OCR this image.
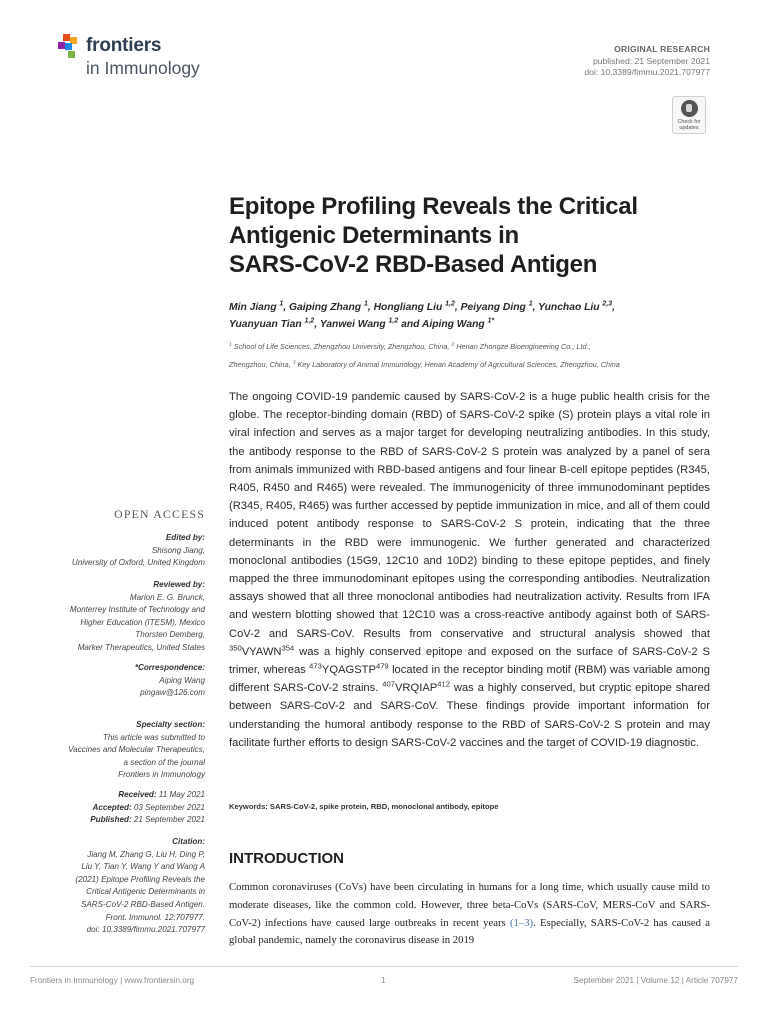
frontiers
in Immunology
ORIGINAL RESEARCH
published: 21 September 2021
doi: 10.3389/fimmu.2021.707977
Check for
updates
Epitope Profiling Reveals the Critical
Antigenic Determinants in
SARS-CoV-2 RBD-Based Antigen
Min Jiang $^1$, Gaiping Zhang $^1$, Hongliang Liu $^{1,2}$, Peiyang Ding $^1$, Yunchao Liu $^{2,3}$,
Yuanyuan Tian $^{1,2}$, Yanwei Wang $^{1,2}$ and Aiping Wang $^{1*}$
$^1$ School of Life Sciences, Zhengzhou University, Zhengzhou, China, $^2$ Henan Zhongze Bioengineering Co., Ltd.,
Zhengzhou, China, $^3$ Key Laboratory of Animal Immunology, Henan Academy of Agricultural Sciences, Zhengzhou, China
The ongoing COVID-19 pandemic caused by SARS-CoV-2 is a huge public health crisis for the globe. The receptor-binding domain (RBD) of SARS-CoV-2 spike (S) protein plays a vital role in viral infection and serves as a major target for developing neutralizing antibodies. In this study, the antibody response to the RBD of SARS-CoV-2 S protein was analyzed by a panel of sera from animals immunized with RBD-based antigens and four linear B-cell epitope peptides (R345, R405, R450 and R465) were revealed. The immunogenicity of three immunodominant peptides (R345, R405, R465) was further accessed by peptide immunization in mice, and all of them could induced potent antibody response to SARS-CoV-2 S protein, indicating that the three determinants in the RBD were immunogenic. We further generated and characterized monoclonal antibodies (15G9, 12C10 and 10D2) binding to these epitope peptides, and finely mapped the three immunodominant epitopes using the corresponding antibodies. Neutralization assays showed that all three monoclonal antibodies had neutralization activity. Results from IFA and western blotting showed that 12C10 was a cross-reactive antibody against both of SARS-CoV-2 and SARS-CoV. Results from conservative and structural analysis showed that $^{350}$VYAWN$^{354}$ was a highly conserved epitope and exposed on the surface of SARS-CoV-2 S trimer, whereas $^{473}$YQAGSTP$^{479}$ located in the receptor binding motif (RBM) was variable among different SARS-CoV-2 strains. $^{407}$VRQIAP$^{412}$ was a highly conserved, but cryptic epitope shared between SARS-CoV-2 and SARS-CoV. These findings provide important information for understanding the humoral antibody response to the RBD of SARS-CoV-2 S protein and may facilitate further efforts to design SARS-CoV-2 vaccines and the target of COVID-19 diagnostic.
Keywords: SARS-CoV-2, spike protein, RBD, monoclonal antibody, epitope
INTRODUCTION
Common coronaviruses (CoVs) have been circulating in humans for a long time, which usually cause mild to moderate diseases, like the common cold. However, three beta-CoVs (SARS-CoV, MERS-CoV and SARS-CoV-2) infections have caused large outbreaks in recent years (1–3). Especially, SARS-CoV-2 has caused a global pandemic, namely the coronavirus disease in 2019
OPEN ACCESS
Edited by:
Shisong Jiang,
University of Oxford, United Kingdom
Reviewed by:
Marion E. G. Brunck,
Monterrey Institute of Technology and
Higher Education (ITESM), Mexico
Thorsten Demberg,
Marker Therapeutics, United States
*Correspondence:
Aiping Wang
pingaw@126.com
Specialty section:
This article was submitted to
Vaccines and Molecular Therapeutics,
a section of the journal
Frontiers in Immunology
Received: 11 May 2021
Accepted: 03 September 2021
Published: 21 September 2021
Citation:
Jiang M, Zhang G, Liu H, Ding P,
Liu Y, Tian Y, Wang Y and Wang A
(2021) Epitope Profiling Reveals the
Critical Antigenic Determinants in
SARS-CoV-2 RBD-Based Antigen.
Front. Immunol. 12:707977.
doi: 10.3389/fimmu.2021.707977
Frontiers in Immunology | www.frontiersin.org	1	September 2021 | Volume 12 | Article 707977
